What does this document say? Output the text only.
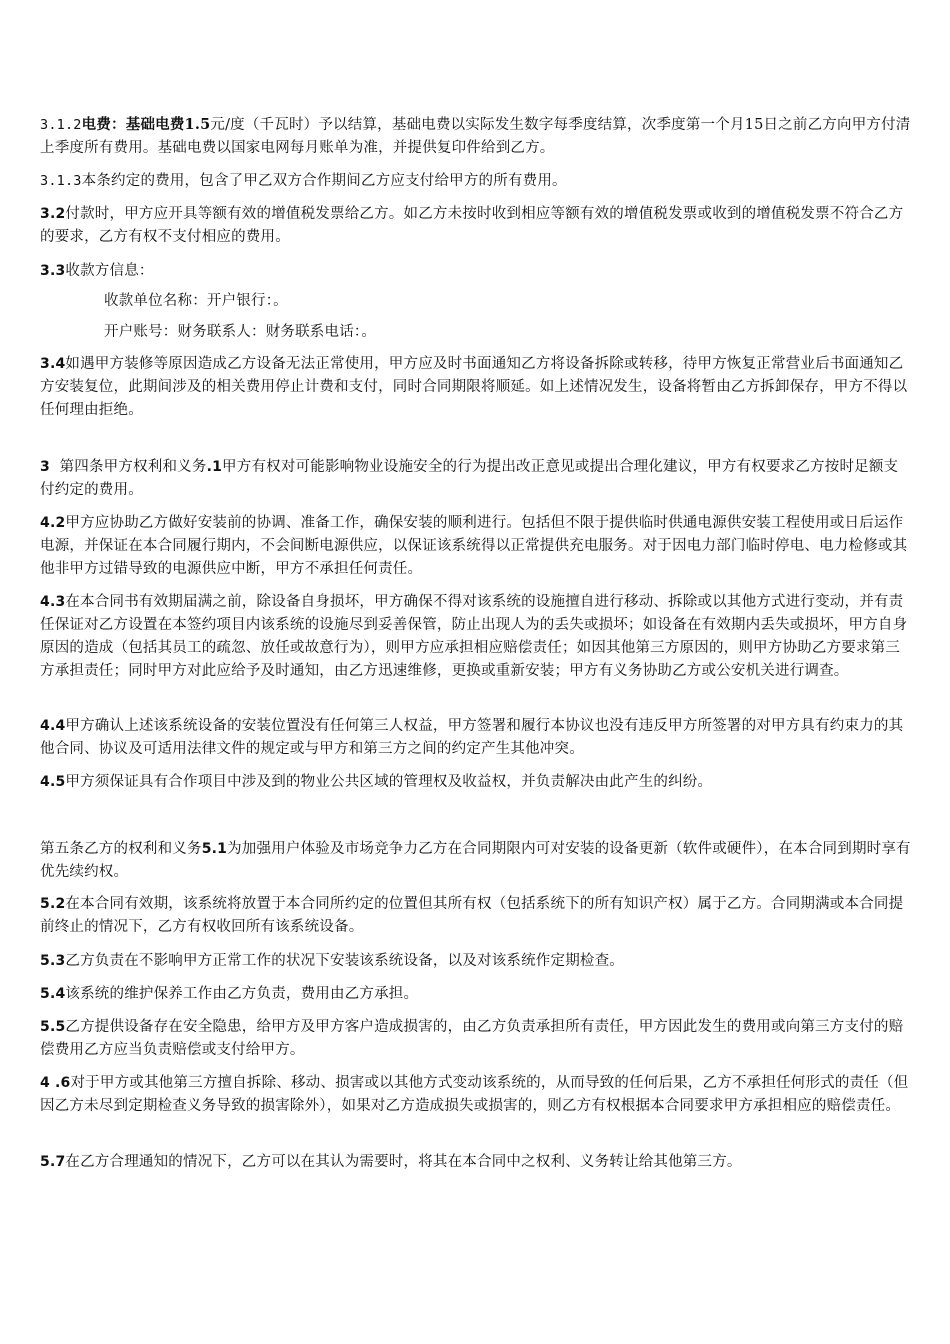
3.1.2电费：基础电费1.5元/度（千瓦时）予以结算，基础电费以实际发生数字每季度结算，次季度第一个月15日之前乙方向甲方付清上季度所有费用。基础电费以国家电网每月账单为准，并提供复印件给到乙方。

3.1.3本条约定的费用，包含了甲乙双方合作期间乙方应支付给甲方的所有费用。

3.2付款时，甲方应开具等额有效的增值税发票给乙方。如乙方未按时收到相应等额有效的增值税发票或收到的增值税发票不符合乙方的要求，乙方有权不支付相应的费用。

3.3收款方信息：

收款单位名称：开户银行：。

开户账号：财务联系人：财务联系电话：。

3.4如遇甲方装修等原因造成乙方设备无法正常使用，甲方应及时书面通知乙方将设备拆除或转移，待甲方恢复正常营业后书面通知乙方安装复位，此期间涉及的相关费用停止计费和支付，同时合同期限将顺延。如上述情况发生，设备将暂由乙方拆卸保存，甲方不得以任何理由拒绝。

3 第四条甲方权利和义务.1甲方有权对可能影响物业设施安全的行为提出改正意见或提出合理化建议，甲方有权要求乙方按时足额支付约定的费用。

4.2甲方应协助乙方做好安装前的协调、准备工作，确保安装的顺利进行。包括但不限于提供临时供通电源供安装工程使用或日后运作电源，并保证在本合同履行期内，不会间断电源供应，以保证该系统得以正常提供充电服务。对于因电力部门临时停电、电力检修或其他非甲方过错导致的电源供应中断，甲方不承担任何责任。

4.3在本合同书有效期届满之前，除设备自身损坏，甲方确保不得对该系统的设施擅自进行移动、拆除或以其他方式进行变动，并有责任保证对乙方设置在本签约项目内该系统的设施尽到妥善保管，防止出现人为的丢失或损坏；如设备在有效期内丢失或损坏，甲方自身原因的造成（包括其员工的疏忽、放任或故意行为），则甲方应承担相应赔偿责任；如因其他第三方原因的，则甲方协助乙方要求第三方承担责任；同时甲方对此应给予及时通知，由乙方迅速维修，更换或重新安装；甲方有义务协助乙方或公安机关进行调查。

4.4甲方确认上述该系统设备的安装位置没有任何第三人权益，甲方签署和履行本协议也没有违反甲方所签署的对甲方具有约束力的其他合同、协议及可适用法律文件的规定或与甲方和第三方之间的约定产生其他冲突。

4.5甲方须保证具有合作项目中涉及到的物业公共区域的管理权及收益权，并负责解决由此产生的纠纷。

第五条乙方的权利和义务5.1为加强用户体验及市场竞争力乙方在合同期限内可对安装的设备更新（软件或硬件），在本合同到期时享有优先续约权。

5.2在本合同有效期，该系统将放置于本合同所约定的位置但其所有权（包括系统下的所有知识产权）属于乙方。合同期满或本合同提前终止的情况下，乙方有权收回所有该系统设备。

5.3乙方负责在不影响甲方正常工作的状况下安装该系统设备，以及对该系统作定期检查。

5.4该系统的维护保养工作由乙方负责，费用由乙方承担。

5.5乙方提供设备存在安全隐患，给甲方及甲方客户造成损害的，由乙方负责承担所有责任，甲方因此发生的费用或向第三方支付的赔偿费用乙方应当负责赔偿或支付给甲方。

4 .6对于甲方或其他第三方擅自拆除、移动、损害或以其他方式变动该系统的，从而导致的任何后果，乙方不承担任何形式的责任（但因乙方未尽到定期检查义务导致的损害除外），如果对乙方造成损失或损害的，则乙方有权根据本合同要求甲方承担相应的赔偿责任。

5.7在乙方合理通知的情况下，乙方可以在其认为需要时，将其在本合同中之权利、义务转让给其他第三方。
